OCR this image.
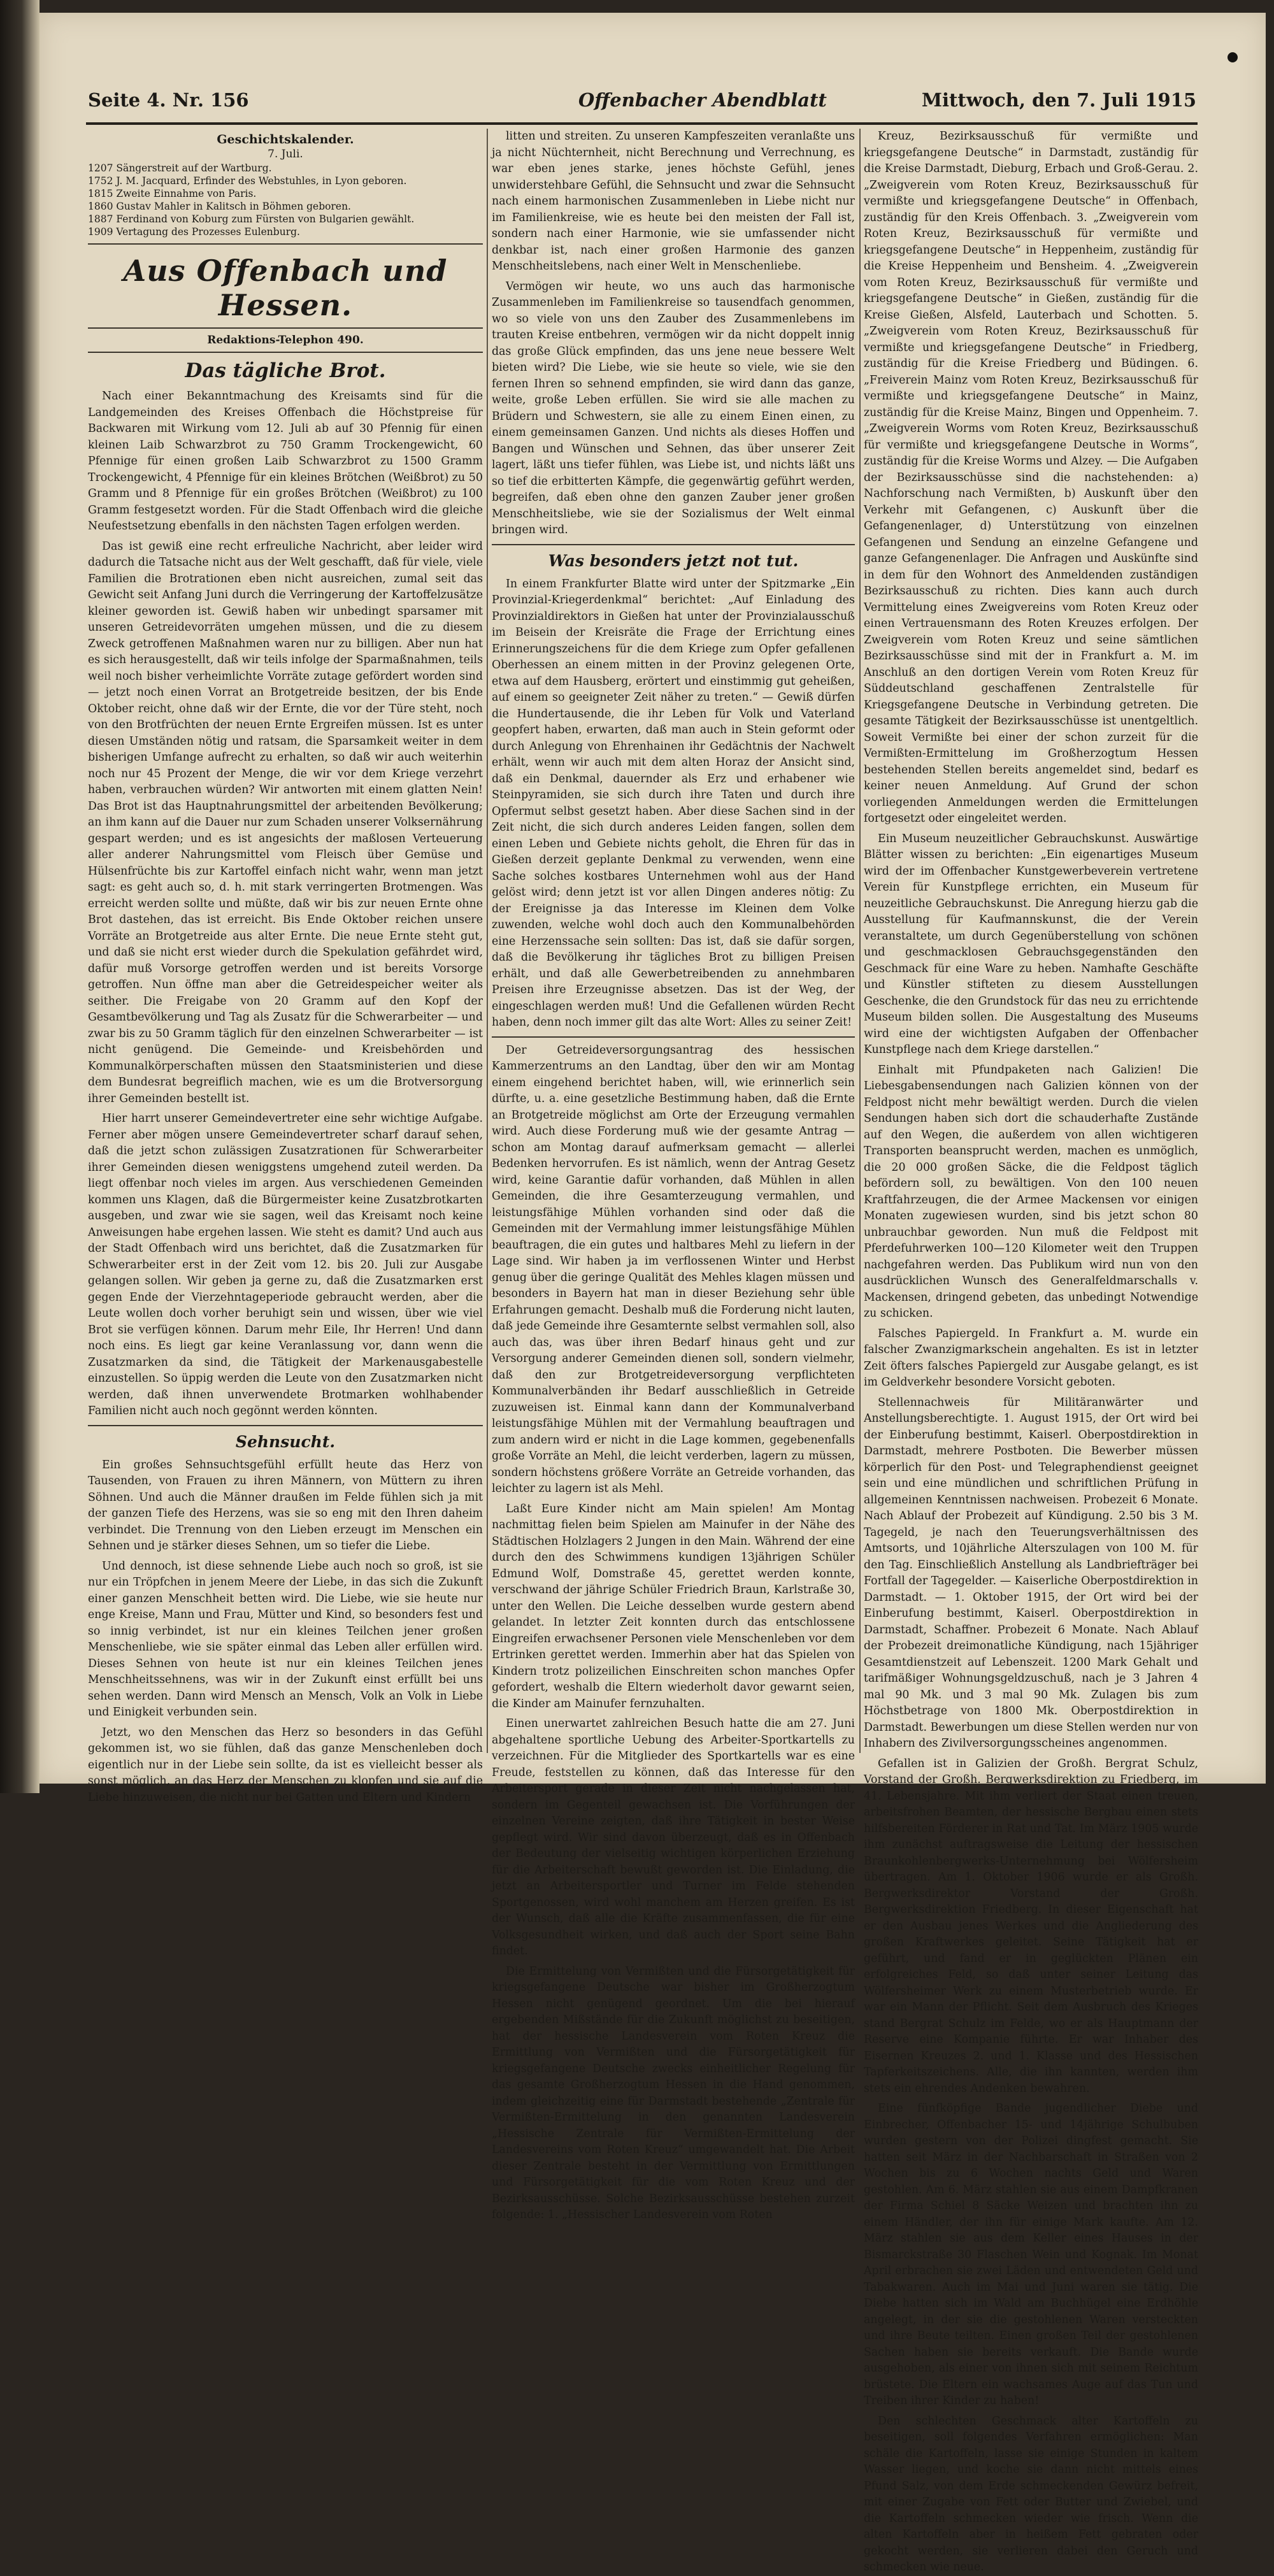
Seite 4. Nr. 156	Offenbacher Abendblatt	Mittwoch, den 7. Juli 1915
Geschichtskalender.
7. Juli.

1207 Sängerstreit auf der Wartburg.

1752 J. M. Jacquard, Erfinder des Webstuhles, in Lyon geboren.

1815 Zweite Einnahme von Paris.

1860 Gustav Mahler in Kalitsch in Böhmen geboren.

1887 Ferdinand von Koburg zum Fürsten von Bulgarien gewählt.

1909 Vertagung des Prozesses Eulenburg.

Aus Offenbach und Hessen.
Redaktions-Telephon 490.
Das tägliche Brot.

Nach einer Bekanntmachung des Kreisamts sind für die Landgemeinden des Kreises Offenbach die Höchstpreise für Backwaren mit Wirkung vom 12. Juli ab auf 30 Pfennig für einen kleinen Laib Schwarzbrot zu 750 Gramm Trockengewicht, 60 Pfennige für einen großen Laib Schwarzbrot zu 1500 Gramm Trockengewicht, 4 Pfennige für ein kleines Brötchen (Weißbrot) zu 50 Gramm und 8 Pfennige für ein großes Brötchen (Weißbrot) zu 100 Gramm festgesetzt worden. Für die Stadt Offenbach wird die gleiche Neufestsetzung ebenfalls in den nächsten Tagen erfolgen werden.

Das ist gewiß eine recht erfreuliche Nachricht, aber leider wird dadurch die Tatsache nicht aus der Welt geschafft, daß für viele, viele Familien die Brotrationen eben nicht ausreichen, zumal seit das Gewicht seit Anfang Juni durch die Verringerung der Kartoffelzusätze kleiner geworden ist. Gewiß haben wir unbedingt sparsamer mit unseren Getreidevorräten umgehen müssen, und die zu diesem Zweck getroffenen Maßnahmen waren nur zu billigen. Aber nun hat es sich herausgestellt, daß wir teils infolge der Sparmaßnahmen, teils weil noch bisher verheimlichte Vorräte zutage gefördert worden sind — jetzt noch einen Vorrat an Brotgetreide besitzen, der bis Ende Oktober reicht, ohne daß wir der Ernte, die vor der Türe steht, noch von den Brotfrüchten der neuen Ernte Ergreifen müssen. Ist es unter diesen Umständen nötig und ratsam, die Sparsamkeit weiter in dem bisherigen Umfange aufrecht zu erhalten, so daß wir auch weiterhin noch nur 45 Prozent der Menge, die wir vor dem Kriege verzehrt haben, verbrauchen würden? Wir antworten mit einem glatten Nein! Das Brot ist das Hauptnahrungsmittel der arbeitenden Bevölkerung; an ihm kann auf die Dauer nur zum Schaden unserer Volksernährung gespart werden; und es ist angesichts der maßlosen Verteuerung aller anderer Nahrungsmittel vom Fleisch über Gemüse und Hülsenfrüchte bis zur Kartoffel einfach nicht wahr, wenn man jetzt sagt: es geht auch so, d. h. mit stark verringerten Brotmengen. Was erreicht werden sollte und müßte, daß wir bis zur neuen Ernte ohne Brot dastehen, das ist erreicht. Bis Ende Oktober reichen unsere Vorräte an Brotgetreide aus alter Ernte. Die neue Ernte steht gut, und daß sie nicht erst wieder durch die Spekulation gefährdet wird, dafür muß Vorsorge getroffen werden und ist bereits Vorsorge getroffen. Nun öffne man aber die Getreidespeicher weiter als seither. Die Freigabe von 20 Gramm auf den Kopf der Gesamtbevölkerung und Tag als Zusatz für die Schwerarbeiter — und zwar bis zu 50 Gramm täglich für den einzelnen Schwerarbeiter — ist nicht genügend. Die Gemeinde- und Kreisbehörden und Kommunalkörperschaften müssen den Staatsministerien und diese dem Bundesrat begreiflich machen, wie es um die Brotversorgung ihrer Gemeinden bestellt ist.

Hier harrt unserer Gemeindevertreter eine sehr wichtige Aufgabe. Ferner aber mögen unsere Gemeindevertreter scharf darauf sehen, daß die jetzt schon zulässigen Zusatzrationen für Schwerarbeiter ihrer Gemeinden diesen weniggstens umgehend zuteil werden. Da liegt offenbar noch vieles im argen. Aus verschiedenen Gemeinden kommen uns Klagen, daß die Bürgermeister keine Zusatzbrotkarten ausgeben, und zwar wie sie sagen, weil das Kreisamt noch keine Anweisungen habe ergehen lassen. Wie steht es damit? Und auch aus der Stadt Offenbach wird uns berichtet, daß die Zusatzmarken für Schwerarbeiter erst in der Zeit vom 12. bis 20. Juli zur Ausgabe gelangen sollen. Wir geben ja gerne zu, daß die Zusatzmarken erst gegen Ende der Vierzehntageperiode gebraucht werden, aber die Leute wollen doch vorher beruhigt sein und wissen, über wie viel Brot sie verfügen können. Darum mehr Eile, Ihr Herren! Und dann noch eins. Es liegt gar keine Veranlassung vor, dann wenn die Zusatzmarken da sind, die Tätigkeit der Markenausgabestelle einzustellen. So üppig werden die Leute von den Zusatzmarken nicht werden, daß ihnen unverwendete Brotmarken wohlhabender Familien nicht auch noch gegönnt werden könnten.

Sehnsucht.

Ein großes Sehnsuchtsgefühl erfüllt heute das Herz von Tausenden, von Frauen zu ihren Männern, von Müttern zu ihren Söhnen. Und auch die Männer draußen im Felde fühlen sich ja mit der ganzen Tiefe des Herzens, was sie so eng mit den Ihren daheim verbindet. Die Trennung von den Lieben erzeugt im Menschen ein Sehnen und je stärker dieses Sehnen, um so tiefer die Liebe.

Und dennoch, ist diese sehnende Liebe auch noch so groß, ist sie nur ein Tröpfchen in jenem Meere der Liebe, in das sich die Zukunft einer ganzen Menschheit betten wird. Die Liebe, wie sie heute nur enge Kreise, Mann und Frau, Mütter und Kind, so besonders fest und so innig verbindet, ist nur ein kleines Teilchen jener großen Menschenliebe, wie sie später einmal das Leben aller erfüllen wird. Dieses Sehnen von heute ist nur ein kleines Teilchen jenes Menschheitssehnens, was wir in der Zukunft einst erfüllt bei uns sehen werden. Dann wird Mensch an Mensch, Volk an Volk in Liebe und Einigkeit verbunden sein.

Jetzt, wo den Menschen das Herz so besonders in das Gefühl gekommen ist, wo sie fühlen, daß das ganze Menschenleben doch eigentlich nur in der Liebe sein sollte, da ist es vielleicht besser als sonst möglich, an das Herz der Menschen zu klopfen und sie auf die Liebe hinzuweisen, die nicht nur bei Gatten und Eltern und Kindern

litten und streiten. Zu unseren Kampfeszeiten veranlaßte uns ja nicht Nüchternheit, nicht Berechnung und Verrechnung, es war eben jenes starke, jenes höchste Gefühl, jenes unwiderstehbare Gefühl, die Sehnsucht und zwar die Sehnsucht nach einem harmonischen Zusammenleben in Liebe nicht nur im Familienkreise, wie es heute bei den meisten der Fall ist, sondern nach einer Harmonie, wie sie umfassender nicht denkbar ist, nach einer großen Harmonie des ganzen Menschheitslebens, nach einer Welt in Menschenliebe.

Vermögen wir heute, wo uns auch das harmonische Zusammenleben im Familienkreise so tausendfach genommen, wo so viele von uns den Zauber des Zusammenlebens im trauten Kreise entbehren, vermögen wir da nicht doppelt innig das große Glück empfinden, das uns jene neue bessere Welt bieten wird? Die Liebe, wie sie heute so viele, wie sie den fernen Ihren so sehnend empfinden, sie wird dann das ganze, weite, große Leben erfüllen. Sie wird sie alle machen zu Brüdern und Schwestern, sie alle zu einem Einen einen, zu einem gemeinsamen Ganzen. Und nichts als dieses Hoffen und Bangen und Wünschen und Sehnen, das über unserer Zeit lagert, läßt uns tiefer fühlen, was Liebe ist, und nichts läßt uns so tief die erbitterten Kämpfe, die gegenwärtig geführt werden, begreifen, daß eben ohne den ganzen Zauber jener großen Menschheitsliebe, wie sie der Sozialismus der Welt einmal bringen wird.

Was besonders jetzt not tut.

In einem Frankfurter Blatte wird unter der Spitzmarke „Ein Provinzial-Kriegerdenkmal“ berichtet: „Auf Einladung des Provinzialdirektors in Gießen hat unter der Provinzialausschuß im Beisein der Kreisräte die Frage der Errichtung eines Erinnerungszeichens für die dem Kriege zum Opfer gefallenen Oberhessen an einem mitten in der Provinz gelegenen Orte, etwa auf dem Hausberg, erörtert und einstimmig gut geheißen, auf einem so geeigneter Zeit näher zu treten.“ — Gewiß dürfen die Hundertausende, die ihr Leben für Volk und Vaterland geopfert haben, erwarten, daß man auch in Stein geformt oder durch Anlegung von Ehrenhainen ihr Gedächtnis der Nachwelt erhält, wenn wir auch mit dem alten Horaz der Ansicht sind, daß ein Denkmal, dauernder als Erz und erhabener wie Steinpyramiden, sie sich durch ihre Taten und durch ihre Opfermut selbst gesetzt haben. Aber diese Sachen sind in der Zeit nicht, die sich durch anderes Leiden fangen, sollen dem einen Leben und Gebiete nichts geholt, die Ehren für das in Gießen derzeit geplante Denkmal zu verwenden, wenn eine Sache solches kostbares Unternehmen wohl aus der Hand gelöst wird; denn jetzt ist vor allen Dingen anderes nötig: Zu der Ereignisse ja das Interesse im Kleinen dem Volke zuwenden, welche wohl doch auch den Kommunalbehörden eine Herzenssache sein sollten: Das ist, daß sie dafür sorgen, daß die Bevölkerung ihr tägliches Brot zu billigen Preisen erhält, und daß alle Gewerbetreibenden zu annehmbaren Preisen ihre Erzeugnisse absetzen. Das ist der Weg, der eingeschlagen werden muß! Und die Gefallenen würden Recht haben, denn noch immer gilt das alte Wort: Alles zu seiner Zeit!

Der Getreideversorgungsantrag des hessischen Kammerzentrums an den Landtag, über den wir am Montag einem eingehend berichtet haben, will, wie erinnerlich sein dürfte, u. a. eine gesetzliche Bestimmung haben, daß die Ernte an Brotgetreide möglichst am Orte der Erzeugung vermahlen wird. Auch diese Forderung muß wie der gesamte Antrag — schon am Montag darauf aufmerksam gemacht — allerlei Bedenken hervorrufen. Es ist nämlich, wenn der Antrag Gesetz wird, keine Garantie dafür vorhanden, daß Mühlen in allen Gemeinden, die ihre Gesamterzeugung vermahlen, und leistungsfähige Mühlen vorhanden sind oder daß die Gemeinden mit der Vermahlung immer leistungsfähige Mühlen beauftragen, die ein gutes und haltbares Mehl zu liefern in der Lage sind. Wir haben ja im verflossenen Winter und Herbst genug über die geringe Qualität des Mehles klagen müssen und besonders in Bayern hat man in dieser Beziehung sehr üble Erfahrungen gemacht. Deshalb muß die Forderung nicht lauten, daß jede Gemeinde ihre Gesamternte selbst vermahlen soll, also auch das, was über ihren Bedarf hinaus geht und zur Versorgung anderer Gemeinden dienen soll, sondern vielmehr, daß den zur Brotgetreideversorgung verpflichteten Kommunalverbänden ihr Bedarf ausschließlich in Getreide zuzuweisen ist. Einmal kann dann der Kommunalverband leistungsfähige Mühlen mit der Vermahlung beauftragen und zum andern wird er nicht in die Lage kommen, gegebenenfalls große Vorräte an Mehl, die leicht verderben, lagern zu müssen, sondern höchstens größere Vorräte an Getreide vorhanden, das leichter zu lagern ist als Mehl.

Laßt Eure Kinder nicht am Main spielen! Am Montag nachmittag fielen beim Spielen am Mainufer in der Nähe des Städtischen Holzlagers 2 Jungen in den Main. Während der eine durch den des Schwimmens kundigen 13jährigen Schüler Edmund Wolf, Domstraße 45, gerettet werden konnte, verschwand der jährige Schüler Friedrich Braun, Karlstraße 30, unter den Wellen. Die Leiche desselben wurde gestern abend gelandet. In letzter Zeit konnten durch das entschlossene Eingreifen erwachsener Personen viele Menschenleben vor dem Ertrinken gerettet werden. Immerhin aber hat das Spielen von Kindern trotz polizeilichen Einschreiten schon manches Opfer gefordert, weshalb die Eltern wiederholt davor gewarnt seien, die Kinder am Mainufer fernzuhalten.

Einen unerwartet zahlreichen Besuch hatte die am 27. Juni abgehaltene sportliche Uebung des Arbeiter-Sportkartells zu verzeichnen. Für die Mitglieder des Sportkartells war es eine Freude, feststellen zu können, daß das Interesse für den Arbeitersport gerade in dieser Zeit nicht nachgelassen hat, sondern im Gegenteil gewachsen ist. Die Vorführungen der einzelnen Vereine zeigten, daß ihre Tätigkeit in bester Weise gepflegt wird. Wir sind davon überzeugt, daß es in Offenbach der Bedeutung der vielseitig wichtigen körperlichen Erziehung für die Arbeiterschaft bewußt geworden ist. Die Einladung, die jetzt an Arbeitersportler und Turner im Felde stehenden Sportgenossen, wird wohl manchem am Herzen greifen. Es ist der Wunsch, daß alle die Kräfte zusammenfassen, die für eine Volksgesundheit wirken, und daß auch der Sport seine Bahn findet.

Die Ermittelung von Vermißten und die Fürsorgetätigkeit für kriegsgefangene Deutsche war bisher im Großherzogtum Hessen nicht genügend geordnet. Um die bei hierauf ergebenden Mißstände für die Zukunft möglichst zu beseitigen, hat der hessische Landesverein vom Roten Kreuz die Ermittlung von Vermißten und die Fürsorgetätigkeit für kriegsgefangene Deutsche zwecks einheitlicher Regelung für das gesamte Großherzogtum Hessen in die Hand genommen, indem gleichzeitig eine für Darmstadt bestehende „Zentrale für Vermißten-Ermittelung in den genannten Landesverein „Hessische Zentrale für Vermißten-Ermittelung der Landesvereins vom Roten Kreuz“ umgewandelt hat. Die Arbeit dieser Zentrale besteht in der Vermittlung von Ermittlungen und Fürsorgetätigkeit für die vom Roten Kreuz und der Bezirksausschüsse. Solche Bezirksausschüsse bestehen zurzeit folgende: 1. „Hessischer Landesverein vom Roten

Kreuz, Bezirksausschuß für vermißte und kriegsgefangene Deutsche“ in Darmstadt, zuständig für die Kreise Darmstadt, Dieburg, Erbach und Groß-Gerau. 2. „Zweigverein vom Roten Kreuz, Bezirksausschuß für vermißte und kriegsgefangene Deutsche“ in Offenbach, zuständig für den Kreis Offenbach. 3. „Zweigverein vom Roten Kreuz, Bezirksausschuß für vermißte und kriegsgefangene Deutsche“ in Heppenheim, zuständig für die Kreise Heppenheim und Bensheim. 4. „Zweigverein vom Roten Kreuz, Bezirksausschuß für vermißte und kriegsgefangene Deutsche“ in Gießen, zuständig für die Kreise Gießen, Alsfeld, Lauterbach und Schotten. 5. „Zweigverein vom Roten Kreuz, Bezirksausschuß für vermißte und kriegsgefangene Deutsche“ in Friedberg, zuständig für die Kreise Friedberg und Büdingen. 6. „Freiverein Mainz vom Roten Kreuz, Bezirksausschuß für vermißte und kriegsgefangene Deutsche“ in Mainz, zuständig für die Kreise Mainz, Bingen und Oppenheim. 7. „Zweigverein Worms vom Roten Kreuz, Bezirksausschuß für vermißte und kriegsgefangene Deutsche in Worms“, zuständig für die Kreise Worms und Alzey. — Die Aufgaben der Bezirksausschüsse sind die nachstehenden: a) Nachforschung nach Vermißten, b) Auskunft über den Verkehr mit Gefangenen, c) Auskunft über die Gefangenenlager, d) Unterstützung von einzelnen Gefangenen und Sendung an einzelne Gefangene und ganze Gefangenenlager. Die Anfragen und Auskünfte sind in dem für den Wohnort des Anmeldenden zuständigen Bezirksausschuß zu richten. Dies kann auch durch Vermittelung eines Zweigvereins vom Roten Kreuz oder einen Vertrauensmann des Roten Kreuzes erfolgen. Der Zweigverein vom Roten Kreuz und seine sämtlichen Bezirksausschüsse sind mit der in Frankfurt a. M. im Anschluß an den dortigen Verein vom Roten Kreuz für Süddeutschland geschaffenen Zentralstelle für Kriegsgefangene Deutsche in Verbindung getreten. Die gesamte Tätigkeit der Bezirksausschüsse ist unentgeltlich. Soweit Vermißte bei einer der schon zurzeit für die Vermißten-Ermittelung im Großherzogtum Hessen bestehenden Stellen bereits angemeldet sind, bedarf es keiner neuen Anmeldung. Auf Grund der schon vorliegenden Anmeldungen werden die Ermittelungen fortgesetzt oder eingeleitet werden.

Ein Museum neuzeitlicher Gebrauchskunst. Auswärtige Blätter wissen zu berichten: „Ein eigenartiges Museum wird der im Offenbacher Kunstgewerbeverein vertretene Verein für Kunstpflege errichten, ein Museum für neuzeitliche Gebrauchskunst. Die Anregung hierzu gab die Ausstellung für Kaufmannskunst, die der Verein veranstaltete, um durch Gegenüberstellung von schönen und geschmacklosen Gebrauchsgegenständen den Geschmack für eine Ware zu heben. Namhafte Geschäfte und Künstler stifteten zu diesem Ausstellungen Geschenke, die den Grundstock für das neu zu errichtende Museum bilden sollen. Die Ausgestaltung des Museums wird eine der wichtigsten Aufgaben der Offenbacher Kunstpflege nach dem Kriege darstellen.“

Einhalt mit Pfundpaketen nach Galizien! Die Liebesgabensendungen nach Galizien können von der Feldpost nicht mehr bewältigt werden. Durch die vielen Sendungen haben sich dort die schauderhafte Zustände auf den Wegen, die außerdem von allen wichtigeren Transporten beansprucht werden, machen es unmöglich, die 20 000 großen Säcke, die die Feldpost täglich befördern soll, zu bewältigen. Von den 100 neuen Kraftfahrzeugen, die der Armee Mackensen vor einigen Monaten zugewiesen wurden, sind bis jetzt schon 80 unbrauchbar geworden. Nun muß die Feldpost mit Pferdefuhrwerken 100—120 Kilometer weit den Truppen nachgefahren werden. Das Publikum wird nun von den ausdrücklichen Wunsch des Generalfeldmarschalls v. Mackensen, dringend gebeten, das unbedingt Notwendige zu schicken.

Falsches Papiergeld. In Frankfurt a. M. wurde ein falscher Zwanzigmarkschein angehalten. Es ist in letzter Zeit öfters falsches Papiergeld zur Ausgabe gelangt, es ist im Geldverkehr besondere Vorsicht geboten.

Stellennachweis für Militäranwärter und Anstellungsberechtigte. 1. August 1915, der Ort wird bei der Einberufung bestimmt, Kaiserl. Oberpostdirektion in Darmstadt, mehrere Postboten. Die Bewerber müssen körperlich für den Post- und Telegraphendienst geeignet sein und eine mündlichen und schriftlichen Prüfung in allgemeinen Kenntnissen nachweisen. Probezeit 6 Monate. Nach Ablauf der Probezeit auf Kündigung. 2.50 bis 3 M. Tagegeld, je nach den Teuerungsverhältnissen des Amtsorts, und 10jährliche Alterszulagen von 100 M. für den Tag. Einschließlich Anstellung als Landbriefträger bei Fortfall der Tagegelder. — Kaiserliche Oberpostdirektion in Darmstadt. — 1. Oktober 1915, der Ort wird bei der Einberufung bestimmt, Kaiserl. Oberpostdirektion in Darmstadt, Schaffner. Probezeit 6 Monate. Nach Ablauf der Probezeit dreimonatliche Kündigung, nach 15jähriger Gesamtdienstzeit auf Lebenszeit. 1200 Mark Gehalt und tarifmäßiger Wohnungsgeldzuschuß, nach je 3 Jahren 4 mal 90 Mk. und 3 mal 90 Mk. Zulagen bis zum Höchstbetrage von 1800 Mk. Oberpostdirektion in Darmstadt. Bewerbungen um diese Stellen werden nur von Inhabern des Zivilversorgungsscheines angenommen.

Gefallen ist in Galizien der Großh. Bergrat Schulz, Vorstand der Großh. Bergwerksdirektion zu Friedberg, im 41. Lebensjahre. Mit ihm verliert der Staat einen treuen, arbeitsfrohen Beamten, der hessische Bergbau einen stets hilfsbereiten Förderer in Rat und Tat. Im März 1905 wurde ihm zunächst auftragsweise die Leitung der hessischen Braunkohlenbergwerks-Unternehmung bei Wölfersheim übertragen. Am 1. Oktober 1906 wurde er als Großh. Bergwerksdirektor Vorstand der Großh. Bergwerksdirektion Friedberg. In dieser Eigenschaft hat er den Ausbau jenes Werkes und die Angliederung des großen Kraftwerkes geleitet. Seine Tätigkeit hat er geführt, und fand er in geglückten Plänen ein erfolgreiches Feld, so daß unter seiner Leitung das Wölfersheimer Werk zu einem Musterbetrieb wurde. Er war ein Mann der Pflicht. Seit dem Ausbruch des Krieges stand Bergrat Schulz im Felde, wo er als Hauptmann der Reserve eine Kompanie führte. Er war Inhaber des Eisernen Kreuzes 2. und 1. Klasse und des Hessischen Tapferkeitszeichens. Alle, die ihn kannten, werden ihm stets ein ehrendes Andenken bewahren.

Eine fünfköpfige Bande jugendlicher Diebe und Einbrecher, Offenbacher 15- und 14jährige Schulbuben wurden gestern von der Polizei dingfest gemacht. Sie hatten seit März in der Nachbarschaft in Straßen von 2 Wochen bis zu 6 Wochen nachts Geld und Waren gestohlen. Am 6. März stahlen sie aus einem Dampfkranen der Firma Schiel 8 Säcke Weizen und brachten ihn zu einem Händler, der ihn für einige Mark kaufte. Am 12. März stahlen sie aus dem Keller eines Hauses in der Bismarckstraße 30 Flaschen Wein und Kognak. Im Monat April erbrachen sie zwei Läden und entwendeten Geld und Tabakwaren. Auch im Mai und Juni waren sie tätig. Die Diebe hatten sich im Wald am Buchhügel eine Erdhöhle angelegt, in der sie die gestohlenen Waren versteckten und ihre Beute teilten. Einen großen Teil der gestohlenen Sachen haben sie bereits verkauft. Die Bande wurde ausgehoben, als einer von ihnen sich mit seinem Reichtum brüstete. Die Eltern ein wachsames Auge auf das Tun und Treiben ihrer Kinder zu haben!

Den schlechten Geschmack alter Kartoffeln zu beseitigen, soll folgendes Verfahren ermöglichen: Man schäle die Kartoffeln, lasse sie einige Stunden in kaltem Wasser liegen, und koche sie dann nicht mittels eines Pfund Salz, von dem Erde schmeckenden Gewürz befreit, mit einer Zugabe von Fett oder Butter und Zwiebel, und die Kartoffeln schmecken wieder wie frisch. Wenn die alten Kartoffeln aber in heißem Fett gebraten oder gekocht werden, sie verlieren dabei den Geruch und schmecken wie neue.
